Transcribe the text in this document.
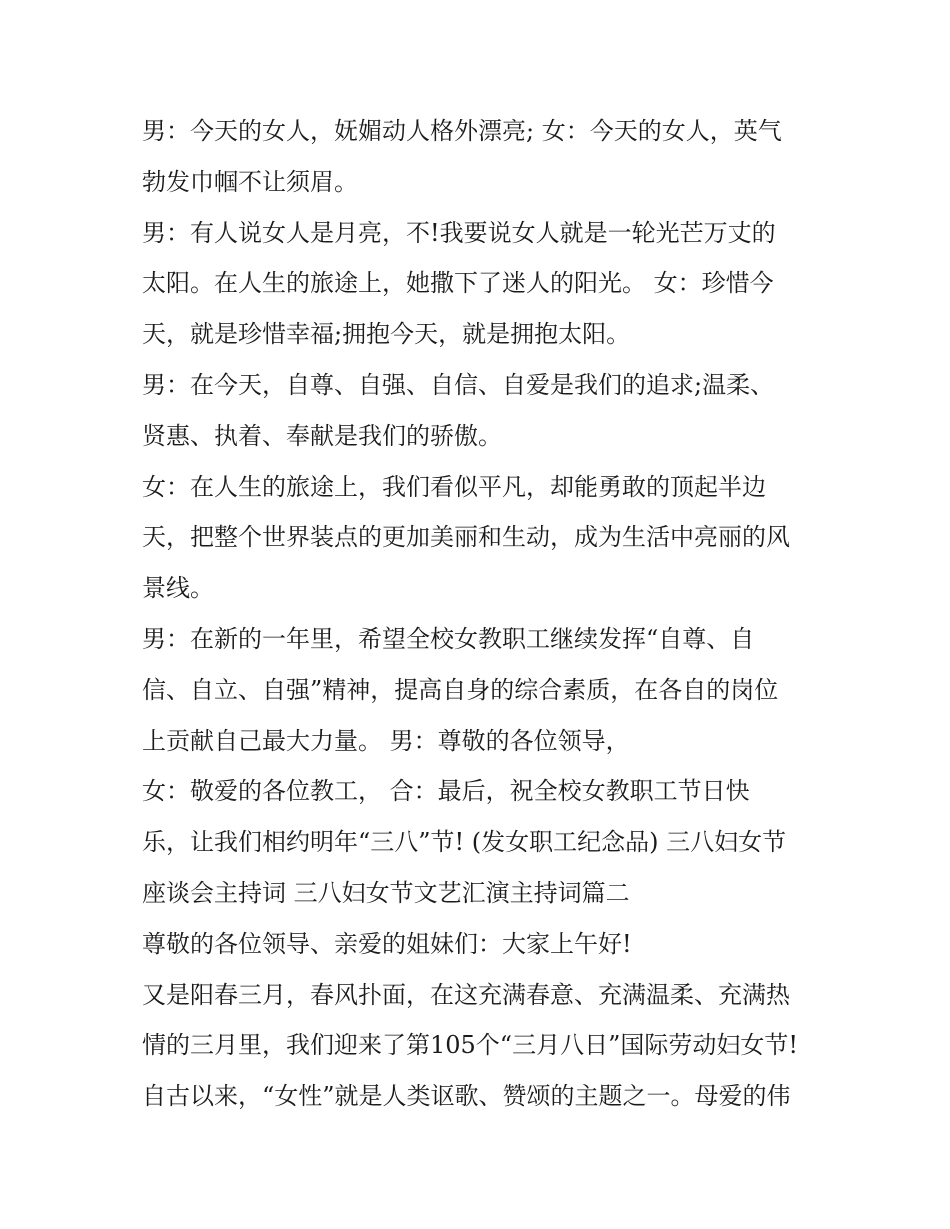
男：今天的女人，妩媚动人格外漂亮; 女：今天的女人，英气
勃发巾帼不让须眉。
男：有人说女人是月亮，不!我要说女人就是一轮光芒万丈的
太阳。在人生的旅途上，她撒下了迷人的阳光。 女：珍惜今
天，就是珍惜幸福;拥抱今天，就是拥抱太阳。
男：在今天，自尊、自强、自信、自爱是我们的追求;温柔、
贤惠、执着、奉献是我们的骄傲。
女：在人生的旅途上，我们看似平凡，却能勇敢的顶起半边
天，把整个世界装点的更加美丽和生动，成为生活中亮丽的风
景线。
男：在新的一年里，希望全校女教职工继续发挥“自尊、自
信、自立、自强”精神，提高自身的综合素质，在各自的岗位
上贡献自己最大力量。 男：尊敬的各位领导，
女：敬爱的各位教工， 合：最后，祝全校女教职工节日快
乐，让我们相约明年“三八”节! (发女职工纪念品) 三八妇女节
座谈会主持词 三八妇女节文艺汇演主持词篇二
尊敬的各位领导、亲爱的姐妹们：大家上午好!
又是阳春三月，春风扑面，在这充满春意、充满温柔、充满热
情的三月里，我们迎来了第105个“三月八日”国际劳动妇女节!
自古以来，“女性”就是人类讴歌、赞颂的主题之一。母爱的伟
